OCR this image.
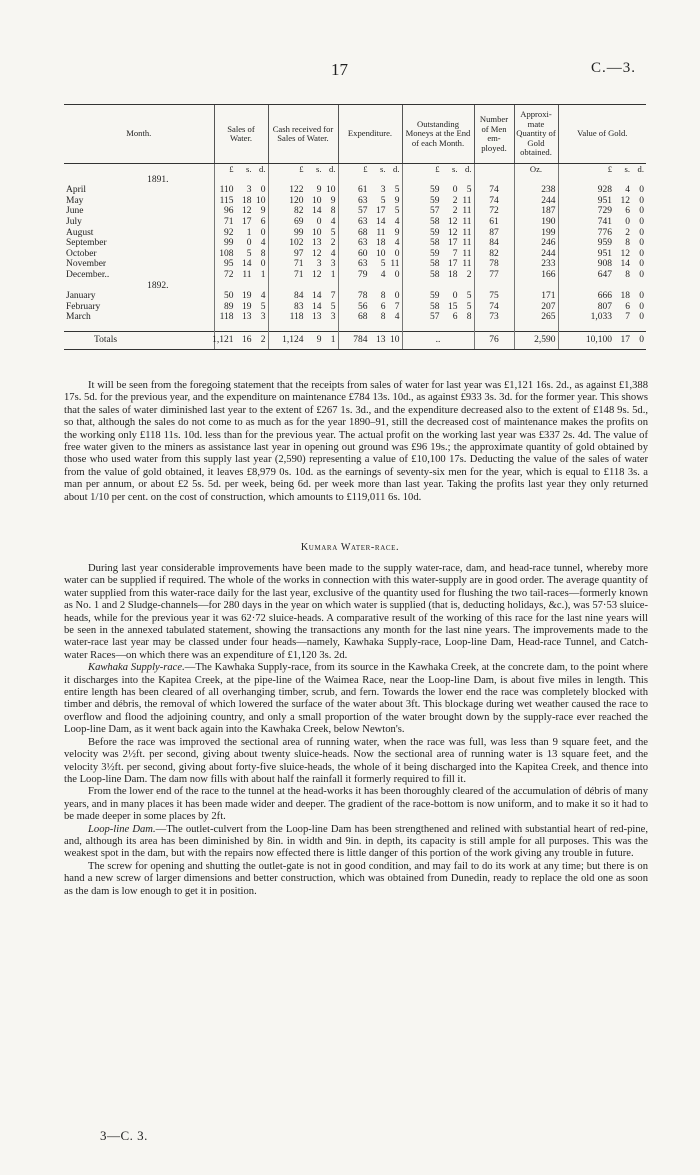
17	C.—3.
Month.	Sales of Water.	Cash received for Sales of Water.	Expenditure.	Outstanding Moneys at the End of each Month.	Number of Men em-ployed.	Approxi-mate Quantity of Gold obtained.	Value of Gold.

	£ s. d.	£ s. d.	£ s. d.	£ s. d.		Oz.	£ s. d.

1891.							
April	110 3 0	122 9 10	61 3 5	59 0 5	74	238	928 4 0

May	115 18 10	120 10 9	63 5 9	59 2 11	74	244	951 12 0

June	96 12 9	82 14 8	57 17 5	57 2 11	72	187	729 6 0

July	71 17 6	69 0 4	63 14 4	58 12 11	61	190	741 0 0

August	92 1 0	99 10 5	68 11 9	59 12 11	87	199	776 2 0

September	99 0 4	102 13 2	63 18 4	58 17 11	84	246	959 8 0

October	108 5 8	97 12 4	60 10 0	59 7 11	82	244	951 12 0

November	95 14 0	71 3 3	63 5 11	58 17 11	78	233	908 14 0

December..	72 11 1	71 12 1	79 4 0	58 18 2	77	166	647 8 0

1892.							
January	50 19 4	84 14 7	78 8 0	59 0 5	75	171	666 18 0

February	89 19 5	83 14 5	56 6 7	58 15 5	74	207	807 6 0

March	118 13 3	118 13 3	68 8 4	57 6 8	73	265	1,033 7 0

Totals	1,121 16 2	1,124 9 1	784 13 10	..	76	2,590	10,100 17 0

It will be seen from the foregoing statement that the receipts from sales of water for last year was £1,121 16s. 2d., as against £1,388 17s. 5d. for the previous year, and the expenditure on maintenance £784 13s. 10d., as against £933 3s. 3d. for the former year. This shows that the sales of water diminished last year to the extent of £267 1s. 3d., and the expenditure decreased also to the extent of £148 9s. 5d., so that, although the sales do not come to as much as for the year 1890–91, still the decreased cost of maintenance makes the profits on the working only £118 11s. 10d. less than for the previous year. The actual profit on the working last year was £337 2s. 4d. The value of free water given to the miners as assistance last year in opening out ground was £96 19s.; the approximate quantity of gold obtained by those who used water from this supply last year (2,590) representing a value of £10,100 17s. Deducting the value of the sales of water from the value of gold obtained, it leaves £8,979 0s. 10d. as the earnings of seventy-six men for the year, which is equal to £118 3s. a man per annum, or about £2 5s. 5d. per week, being 6d. per week more than last year. Taking the profits last year they only returned about 1/10 per cent. on the cost of construction, which amounts to £119,011 6s. 10d.

Kumara Water-race.

During last year considerable improvements have been made to the supply water-race, dam, and head-race tunnel, whereby more water can be supplied if required. The whole of the works in connection with this water-supply are in good order. The average quantity of water supplied from this water-race daily for the last year, exclusive of the quantity used for flushing the two tail-races—formerly known as No. 1 and 2 Sludge-channels—for 280 days in the year on which water is supplied (that is, deducting holidays, &c.), was 57·53 sluice-heads, while for the previous year it was 62·72 sluice-heads. A comparative result of the working of this race for the last nine years will be seen in the annexed tabulated statement, showing the transactions any month for the last nine years. The improvements made to the water-race last year may be classed under four heads—namely, Kawhaka Supply-race, Loop-line Dam, Head-race Tunnel, and Catch-water Races—on which there was an expenditure of £1,120 3s. 2d.

Kawhaka Supply-race.—The Kawhaka Supply-race, from its source in the Kawhaka Creek, at the concrete dam, to the point where it discharges into the Kapitea Creek, at the pipe-line of the Waimea Race, near the Loop-line Dam, is about five miles in length. This entire length has been cleared of all overhanging timber, scrub, and fern. Towards the lower end the race was completely blocked with timber and débris, the removal of which lowered the surface of the water about 3ft. This blockage during wet weather caused the race to overflow and flood the adjoining country, and only a small proportion of the water brought down by the supply-race ever reached the Loop-line Dam, as it went back again into the Kawhaka Creek, below Newton's.

Before the race was improved the sectional area of running water, when the race was full, was less than 9 square feet, and the velocity was 2½ft. per second, giving about twenty sluice-heads. Now the sectional area of running water is 13 square feet, and the velocity 3½ft. per second, giving about forty-five sluice-heads, the whole of it being discharged into the Kapitea Creek, and thence into the Loop-line Dam. The dam now fills with about half the rainfall it formerly required to fill it.

From the lower end of the race to the tunnel at the head-works it has been thoroughly cleared of the accumulation of débris of many years, and in many places it has been made wider and deeper. The gradient of the race-bottom is now uniform, and to make it so it had to be made deeper in some places by 2ft.

Loop-line Dam.—The outlet-culvert from the Loop-line Dam has been strengthened and relined with substantial heart of red-pine, and, although its area has been diminished by 8in. in width and 9in. in depth, its capacity is still ample for all purposes. This was the weakest spot in the dam, but with the repairs now effected there is little danger of this portion of the work giving any trouble in future.

The screw for opening and shutting the outlet-gate is not in good condition, and may fail to do its work at any time; but there is on hand a new screw of larger dimensions and better construction, which was obtained from Dunedin, ready to replace the old one as soon as the dam is low enough to get it in position.

3—C. 3.
